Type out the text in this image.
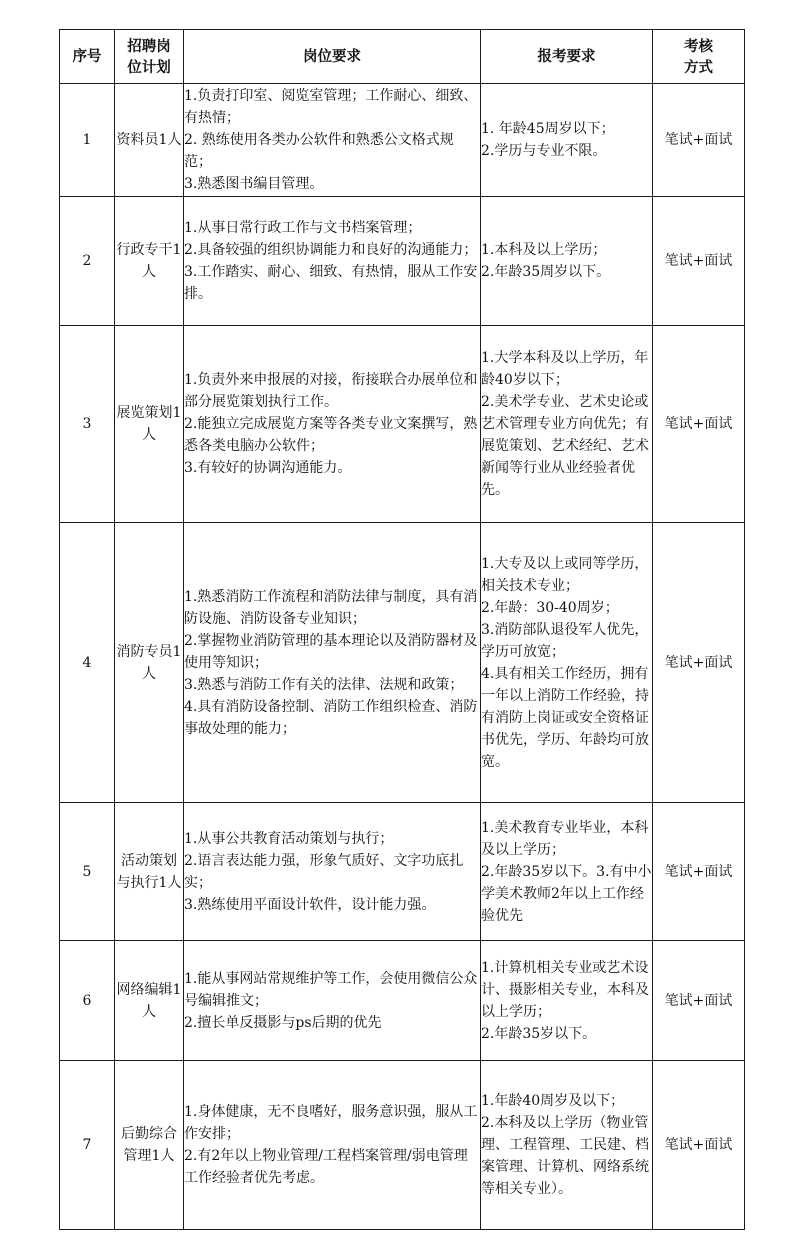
序号	招聘岗位计划	岗位要求	报考要求	考核方式
1	资料员1人	1.负责打印室、阅览室管理；工作耐心、细致、有热情；
2. 熟练使用各类办公软件和熟悉公文格式规范；
3.熟悉图书编目管理。	1. 年龄45周岁以下；
2.学历与专业不限。	笔试+面试
2	行政专干1人	1.从事日常行政工作与文书档案管理；
2.具备较强的组织协调能力和良好的沟通能力；
3.工作踏实、耐心、细致、有热情，服从工作安排。	1.本科及以上学历；
2.年龄35周岁以下。	笔试+面试
3	展览策划1人	1.负责外来申报展的对接，衔接联合办展单位和部分展览策划执行工作。
2.能独立完成展览方案等各类专业文案撰写，熟悉各类电脑办公软件；
3.有较好的协调沟通能力。	1.大学本科及以上学历，年龄40岁以下；
2.美术学专业、艺术史论或艺术管理专业方向优先；有展览策划、艺术经纪、艺术新闻等行业从业经验者优先。	笔试+面试
4	消防专员1人	1.熟悉消防工作流程和消防法律与制度，具有消防设施、消防设备专业知识；
2.掌握物业消防管理的基本理论以及消防器材及使用等知识；
3.熟悉与消防工作有关的法律、法规和政策；
4.具有消防设备控制、消防工作组织检查、消防事故处理的能力；	1.大专及以上或同等学历，相关技术专业；
2.年龄：30-40周岁；
3.消防部队退役军人优先，学历可放宽；
4.具有相关工作经历，拥有一年以上消防工作经验，持有消防上岗证或安全资格证书优先，学历、年龄均可放宽。	笔试+面试
5	活动策划与执行1人	1.从事公共教育活动策划与执行；
2.语言表达能力强，形象气质好、文字功底扎实；
3.熟练使用平面设计软件，设计能力强。	1.美术教育专业毕业，本科及以上学历；
2.年龄35岁以下。3.有中小学美术教师2年以上工作经验优先	笔试+面试
6	网络编辑1人	1.能从事网站常规维护等工作，会使用微信公众号编辑推文；
2.擅长单反摄影与ps后期的优先	1.计算机相关专业或艺术设计、摄影相关专业，本科及以上学历；
2.年龄35岁以下。	笔试+面试
7	后勤综合管理1人	1.身体健康，无不良嗜好，服务意识强，服从工作安排；
2.有2年以上物业管理/工程档案管理/弱电管理工作经验者优先考虑。	1.年龄40周岁及以下；
2.本科及以上学历（物业管理、工程管理、工民建、档案管理、计算机、网络系统等相关专业）。	笔试+面试
